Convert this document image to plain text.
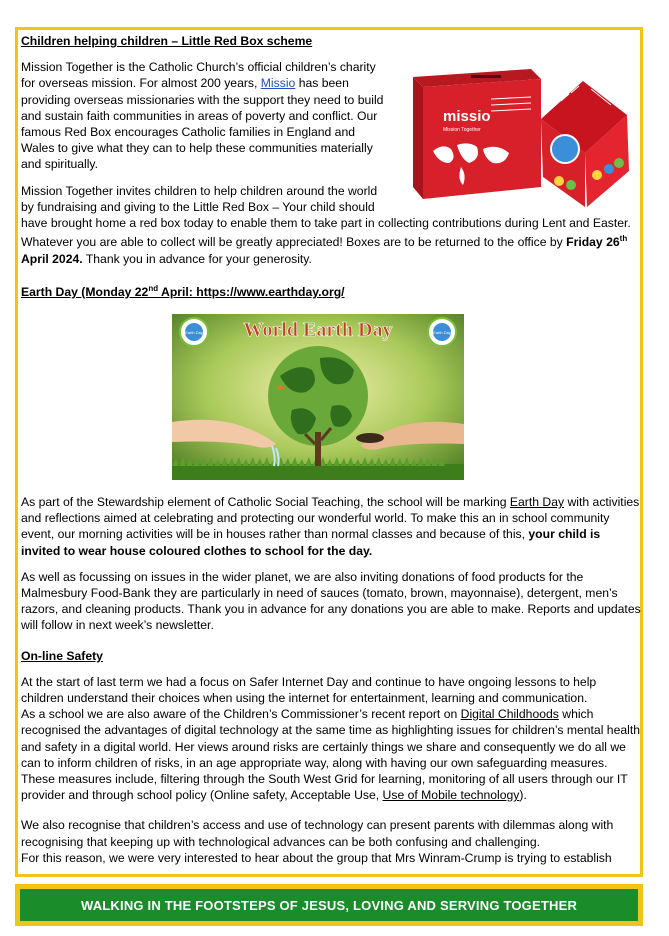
Children helping children – Little Red Box scheme

missio
Mission Together

Mission Together is the Catholic Church’s official children’s charity for overseas mission. For almost 200 years, Missio has been providing overseas missionaries with the support they need to build and sustain faith communities in areas of poverty and conflict. Our famous Red Box encourages Catholic families in England and Wales to give what they can to help these communities materially and spiritually.

Mission Together invites children to help children around the world by fundraising and giving to the Little Red Box – Your child should have brought home a red box today to enable them to take part in collecting contributions during Lent and Easter. Whatever you are able to collect will be greatly appreciated! Boxes are to be returned to the office by Friday 26th April 2024. Thank you in advance for your generosity.

Earth Day (Monday 22nd April: https://www.earthday.org/

World Earth Day
Earth Day	Earth Day

As part of the Stewardship element of Catholic Social Teaching, the school will be marking Earth Day with activities and reflections aimed at celebrating and protecting our wonderful world. To make this an in school community event, our morning activities will be in houses rather than normal classes and because of this, your child is invited to wear house coloured clothes to school for the day.

As well as focussing on issues in the wider planet, we are also inviting donations of food products for the Malmesbury Food-Bank they are particularly in need of sauces (tomato, brown, mayonnaise), detergent, men’s razors, and cleaning products. Thank you in advance for any donations you are able to make. Reports and updates will follow in next week’s newsletter.

On-line Safety

At the start of last term we had a focus on Safer Internet Day and continue to have ongoing lessons to help children understand their choices when using the internet for entertainment, learning and communication.

As a school we are also aware of the Children’s Commissioner’s recent report on Digital Childhoods which recognised the advantages of digital technology at the same time as highlighting issues for children’s mental health and safety in a digital world. Her views around risks are certainly things we share and consequently we do all we can to inform children of risks, in an age appropriate way, along with having our own safeguarding measures. These measures include, filtering through the South West Grid for learning, monitoring of all users through our IT provider and through school policy (Online safety, Acceptable Use, Use of Mobile technology).

We also recognise that children’s access and use of technology can present parents with dilemmas along with recognising that keeping up with technological advances can be both confusing and challenging.

For this reason, we were very interested to hear about the group that Mrs Winram-Crump is trying to establish

WALKING IN THE FOOTSTEPS OF JESUS, LOVING AND SERVING TOGETHER
